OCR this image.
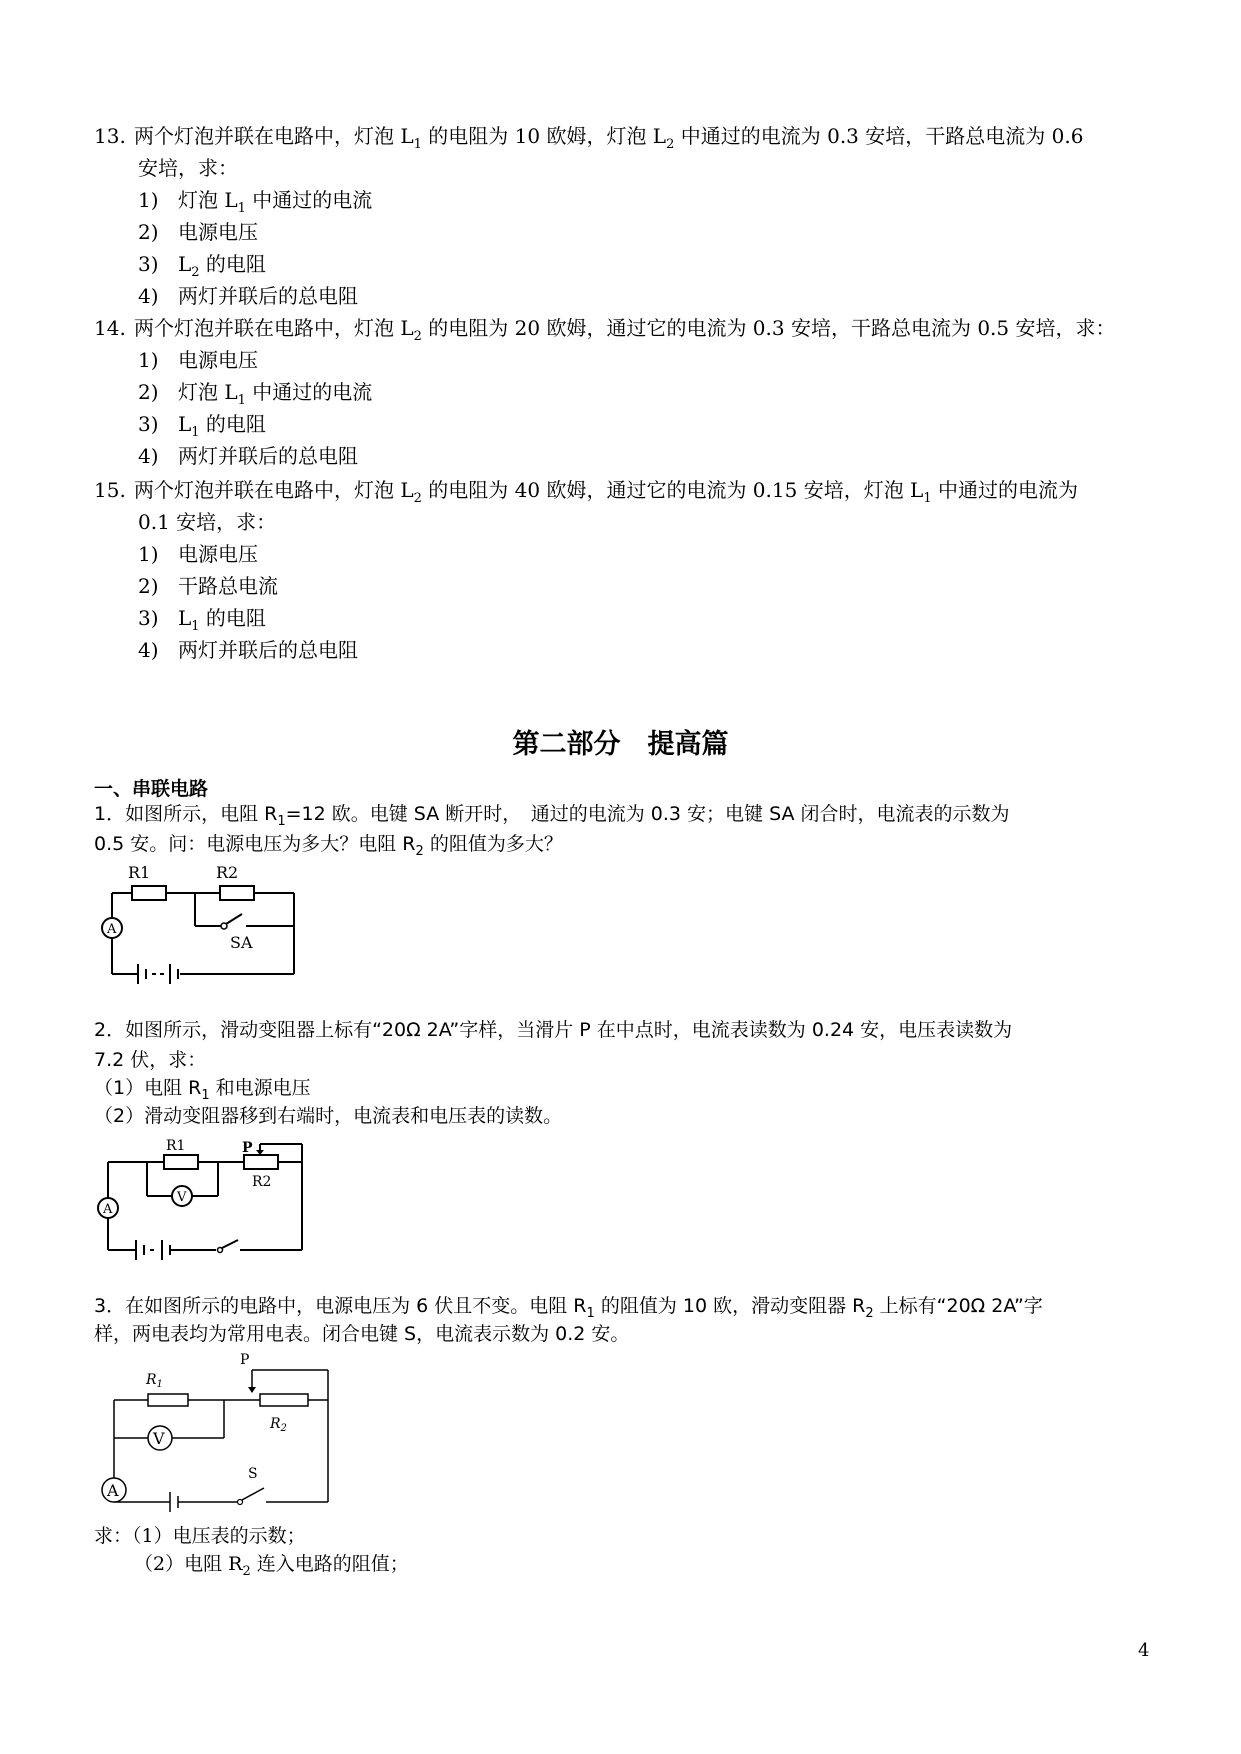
13. 两个灯泡并联在电路中，灯泡 $L_1$ 的电阻为 10 欧姆，灯泡 $L_2$ 中通过的电流为 0.3 安培，干路总电流为 0.6
安培，求：
1) 灯泡 $L_1$ 中通过的电流
2) 电源电压
3) $L_2$ 的电阻
4) 两灯并联后的总电阻
14. 两个灯泡并联在电路中，灯泡 $L_2$ 的电阻为 20 欧姆，通过它的电流为 0.3 安培，干路总电流为 0.5 安培，求：
1) 电源电压
2) 灯泡 $L_1$ 中通过的电流
3) $L_1$ 的电阻
4) 两灯并联后的总电阻
15. 两个灯泡并联在电路中，灯泡 $L_2$ 的电阻为 40 欧姆，通过它的电流为 0.15 安培，灯泡 $L_1$ 中通过的电流为
0.1 安培，求：
1) 电源电压
2) 干路总电流
3) $L_1$ 的电阻
4) 两灯并联后的总电阻
第二部分　提高篇
一、串联电路
1．如图所示，电阻 $R_1=12$ 欧。电键 SA 断开时，　通过的电流为 0.3 安；电键 SA 闭合时，电流表的示数为
0.5 安。问：电源电压为多大？电阻 $R_2$ 的阻值为多大？
A
R1	R2
SA
2．如图所示，滑动变阻器上标有“20Ω 2A”字样，当滑片 P 在中点时，电流表读数为 0.24 安，电压表读数为
7.2 伏，求：
（1）电阻 $R_1$ 和电源电压
（2）滑动变阻器移到右端时，电流表和电压表的读数。
A
V
R1	P
R2
3．在如图所示的电路中，电源电压为 6 伏且不变。电阻 $R_1$ 的阻值为 10 欧，滑动变阻器 $R_2$ 上标有“20Ω 2A”字
样，两电表均为常用电表。闭合电键 S，电流表示数为 0.2 安。
V
A
$R_1$
P
$R_2$
S
求：（1）电压表的示数；
（2）电阻 $R_2$ 连入电路的阻值；
4
